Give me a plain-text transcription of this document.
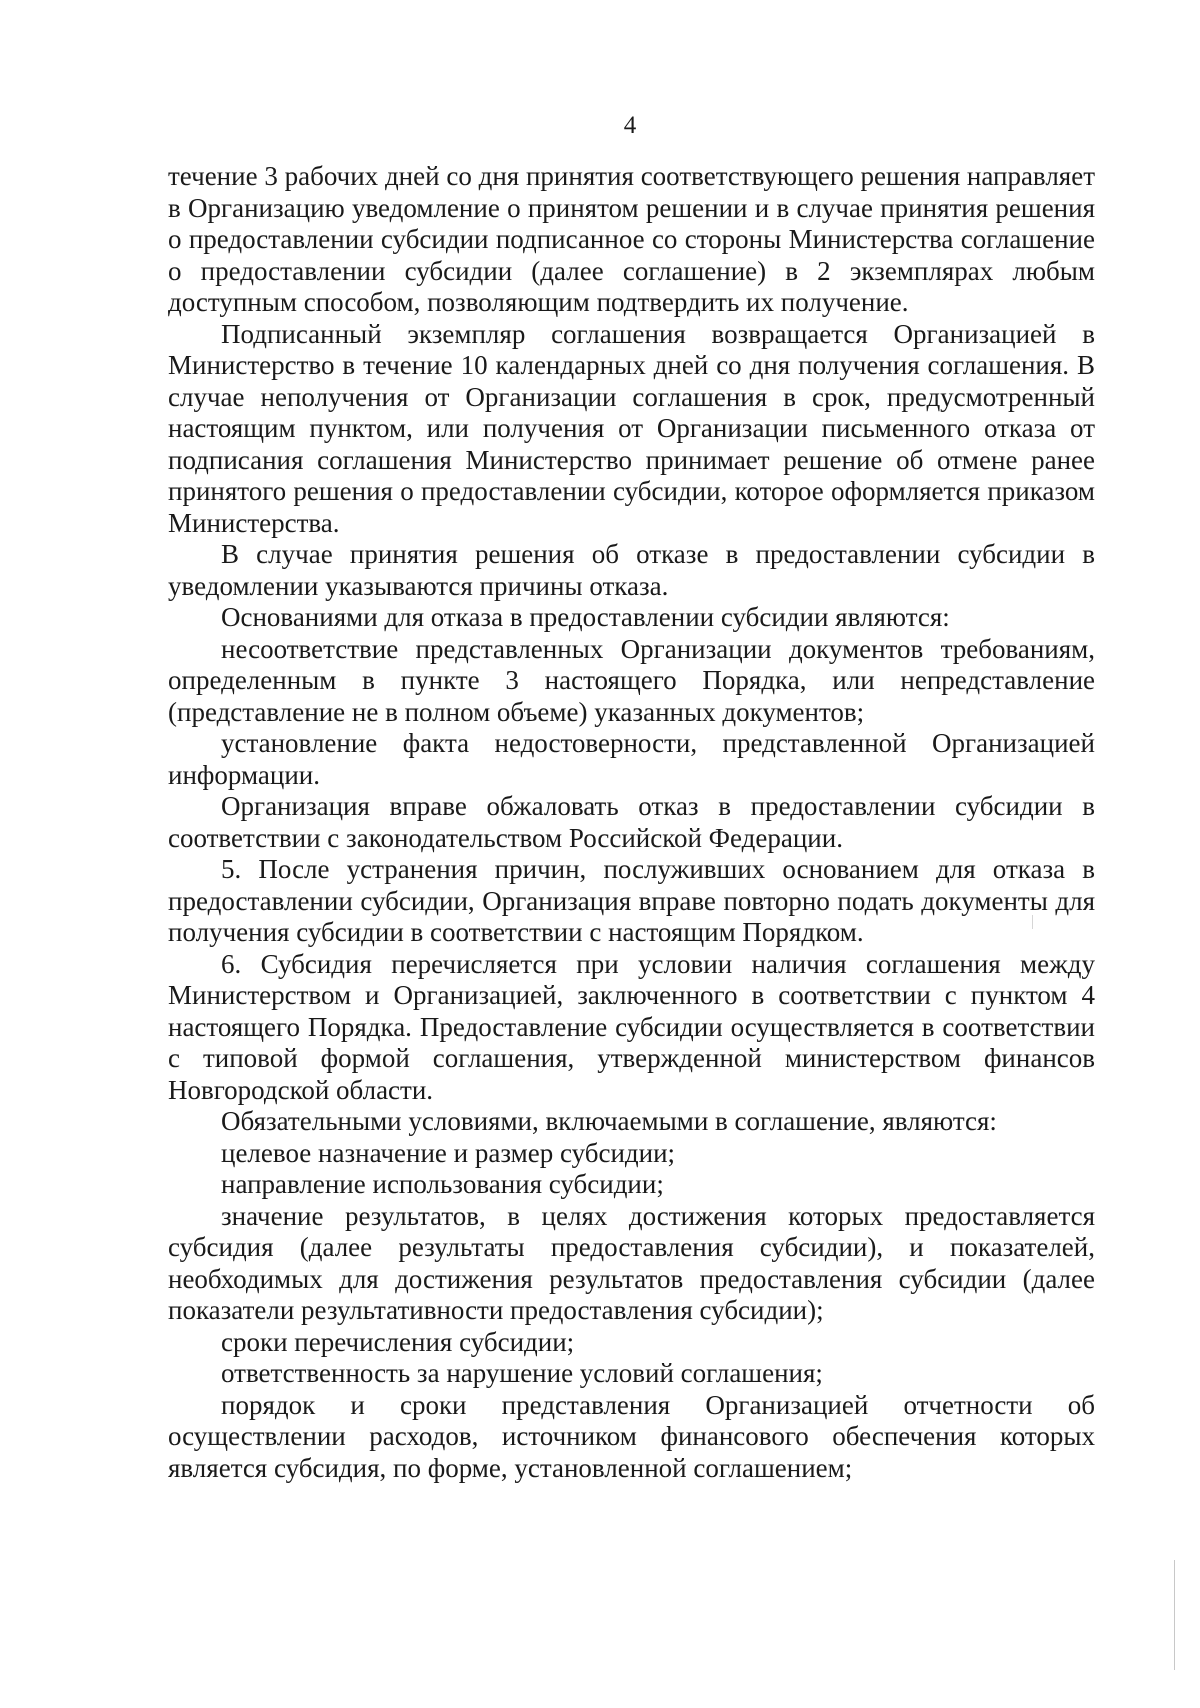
4

течение 3 рабочих дней со дня принятия соответствующего решения направляет в Организацию уведомление о принятом решении и в случае принятия решения о предоставлении субсидии подписанное со стороны Министерства соглашение о предоставлении субсидии (далее соглашение) в 2 экземплярах любым доступным способом, позволяющим подтвердить их получение.

Подписанный экземпляр соглашения возвращается Организацией в Министерство в течение 10 календарных дней со дня получения соглашения. В случае неполучения от Организации соглашения в срок, предусмотренный настоящим пунктом, или получения от Организации письменного отказа от подписания соглашения Министерство принимает решение об отмене ранее принятого решения о предоставлении субсидии, которое оформляется приказом Министерства.

В случае принятия решения об отказе в предоставлении субсидии в уведомлении указываются причины отказа.

Основаниями для отказа в предоставлении субсидии являются:

несоответствие представленных Организации документов требованиям, определенным в пункте 3 настоящего Порядка, или непредставление (представление не в полном объеме) указанных документов;

установление факта недостоверности, представленной Организацией информации.

Организация вправе обжаловать отказ в предоставлении субсидии в соответствии с законодательством Российской Федерации.

5. После устранения причин, послуживших основанием для отказа в предоставлении субсидии, Организация вправе повторно подать документы для получения субсидии в соответствии с настоящим Порядком.

6. Субсидия перечисляется при условии наличия соглашения между Министерством и Организацией, заключенного в соответствии с пунктом 4 настоящего Порядка. Предоставление субсидии осуществляется в соответствии с типовой формой соглашения, утвержденной министерством финансов Новгородской области.

Обязательными условиями, включаемыми в соглашение, являются:

целевое назначение и размер субсидии;

направление использования субсидии;

значение результатов, в целях достижения которых предоставляется субсидия (далее результаты предоставления субсидии), и показателей, необходимых для достижения результатов предоставления субсидии (далее показатели результативности предоставления субсидии);

сроки перечисления субсидии;

ответственность за нарушение условий соглашения;

порядок и сроки представления Организацией отчетности об осуществлении расходов, источником финансового обеспечения которых является субсидия, по форме, установленной соглашением;
